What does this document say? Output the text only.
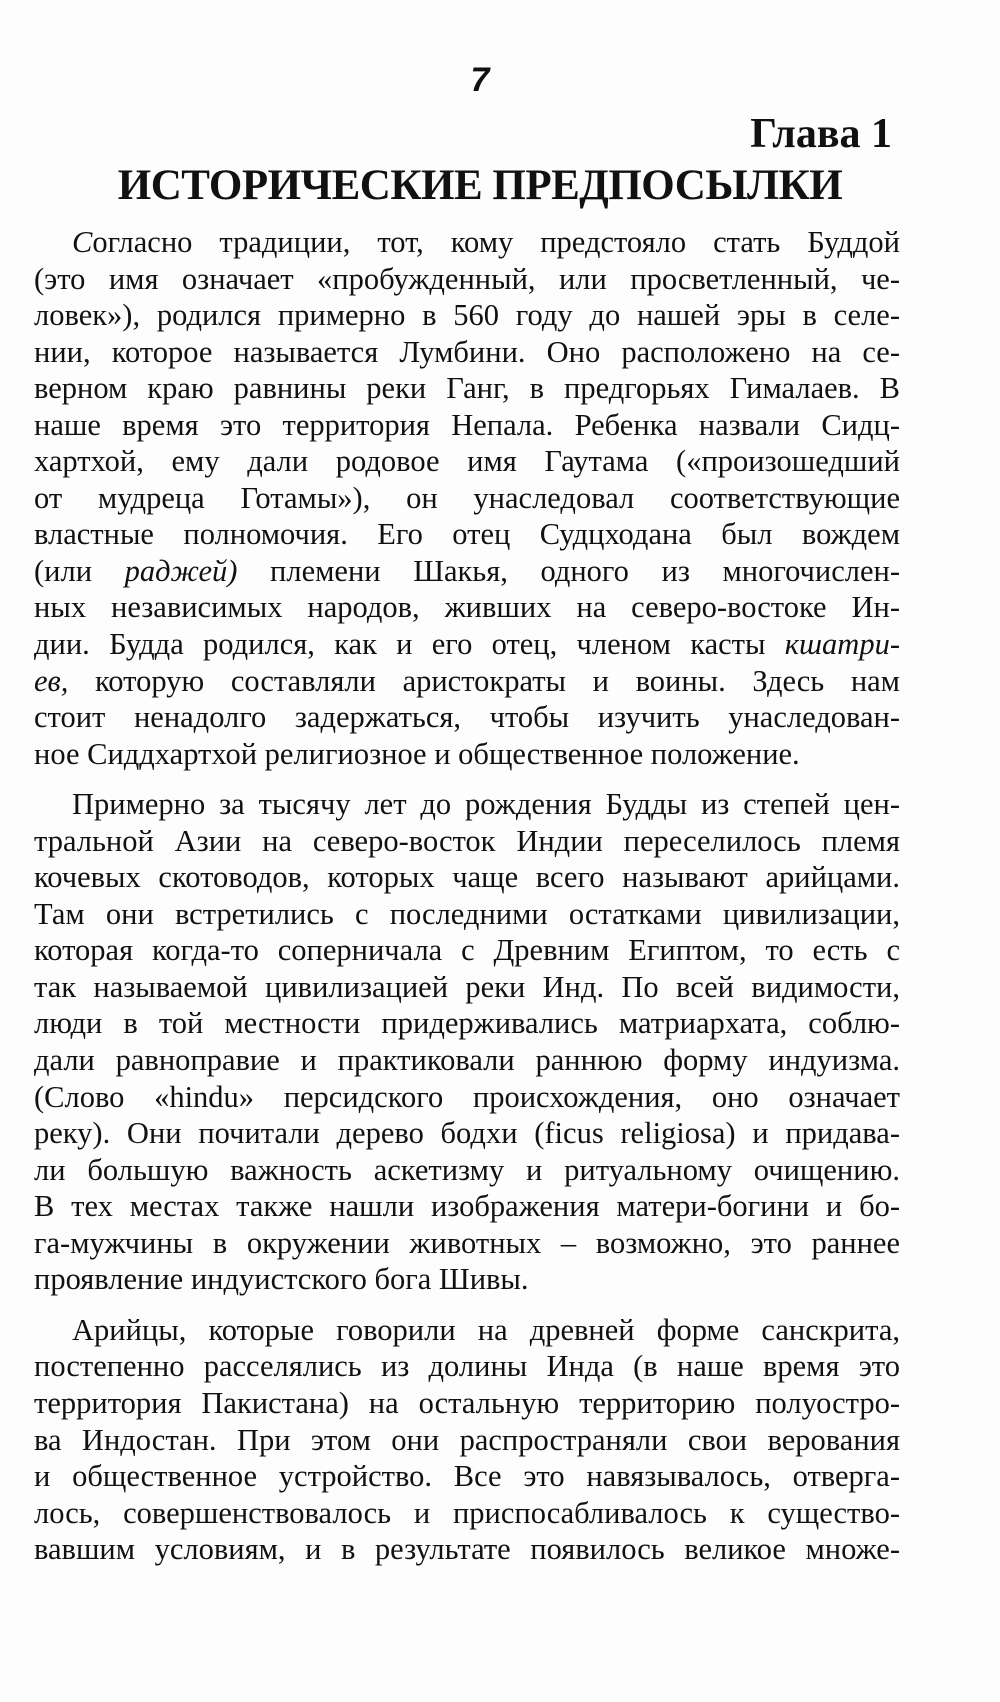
7
Глава 1
ИСТОРИЧЕСКИЕ ПРЕДПОСЫЛКИ
Согласно традиции, тот, кому предстояло стать Буддой
(это имя означает «пробужденный, или просветленный, че-
ловек»), родился примерно в 560 году до нашей эры в селе-
нии, которое называется Лумбини. Оно расположено на се-
верном краю равнины реки Ганг, в предгорьях Гималаев. В
наше время это территория Непала. Ребенка назвали Сидц-
хартхой, ему дали родовое имя Гаутама («произошедший
от мудреца Готамы»), он унаследовал соответствующие
властные полномочия. Его отец Судцходана был вождем
(или раджей) племени Шакья, одного из многочислен-
ных независимых народов, живших на северо-востоке Ин-
дии. Будда родился, как и его отец, членом касты кшатри-
ев, которую составляли аристократы и воины. Здесь нам
стоит ненадолго задержаться, чтобы изучить унаследован-
ное Сиддхартхой религиозное и общественное положение.
Примерно за тысячу лет до рождения Будды из степей цен-
тральной Азии на северо-восток Индии переселилось племя
кочевых скотоводов, которых чаще всего называют арийцами.
Там они встретились с последними остатками цивилизации,
которая когда-то соперничала с Древним Египтом, то есть с
так называемой цивилизацией реки Инд. По всей видимости,
люди в той местности придерживались матриархата, соблю-
дали равноправие и практиковали раннюю форму индуизма.
(Слово «hindu» персидского происхождения, оно означает
реку). Они почитали дерево бодхи (ficus religiosa) и придава-
ли большую важность аскетизму и ритуальному очищению.
В тех местах также нашли изображения матери-богини и бо-
га-мужчины в окружении животных – возможно, это раннее
проявление индуистского бога Шивы.
Арийцы, которые говорили на древней форме санскрита,
постепенно расселялись из долины Инда (в наше время это
территория Пакистана) на остальную территорию полуостро-
ва Индостан. При этом они распространяли свои верования
и общественное устройство. Все это навязывалось, отверга-
лось, совершенствовалось и приспосабливалось к существо-
вавшим условиям, и в результате появилось великое множе-
